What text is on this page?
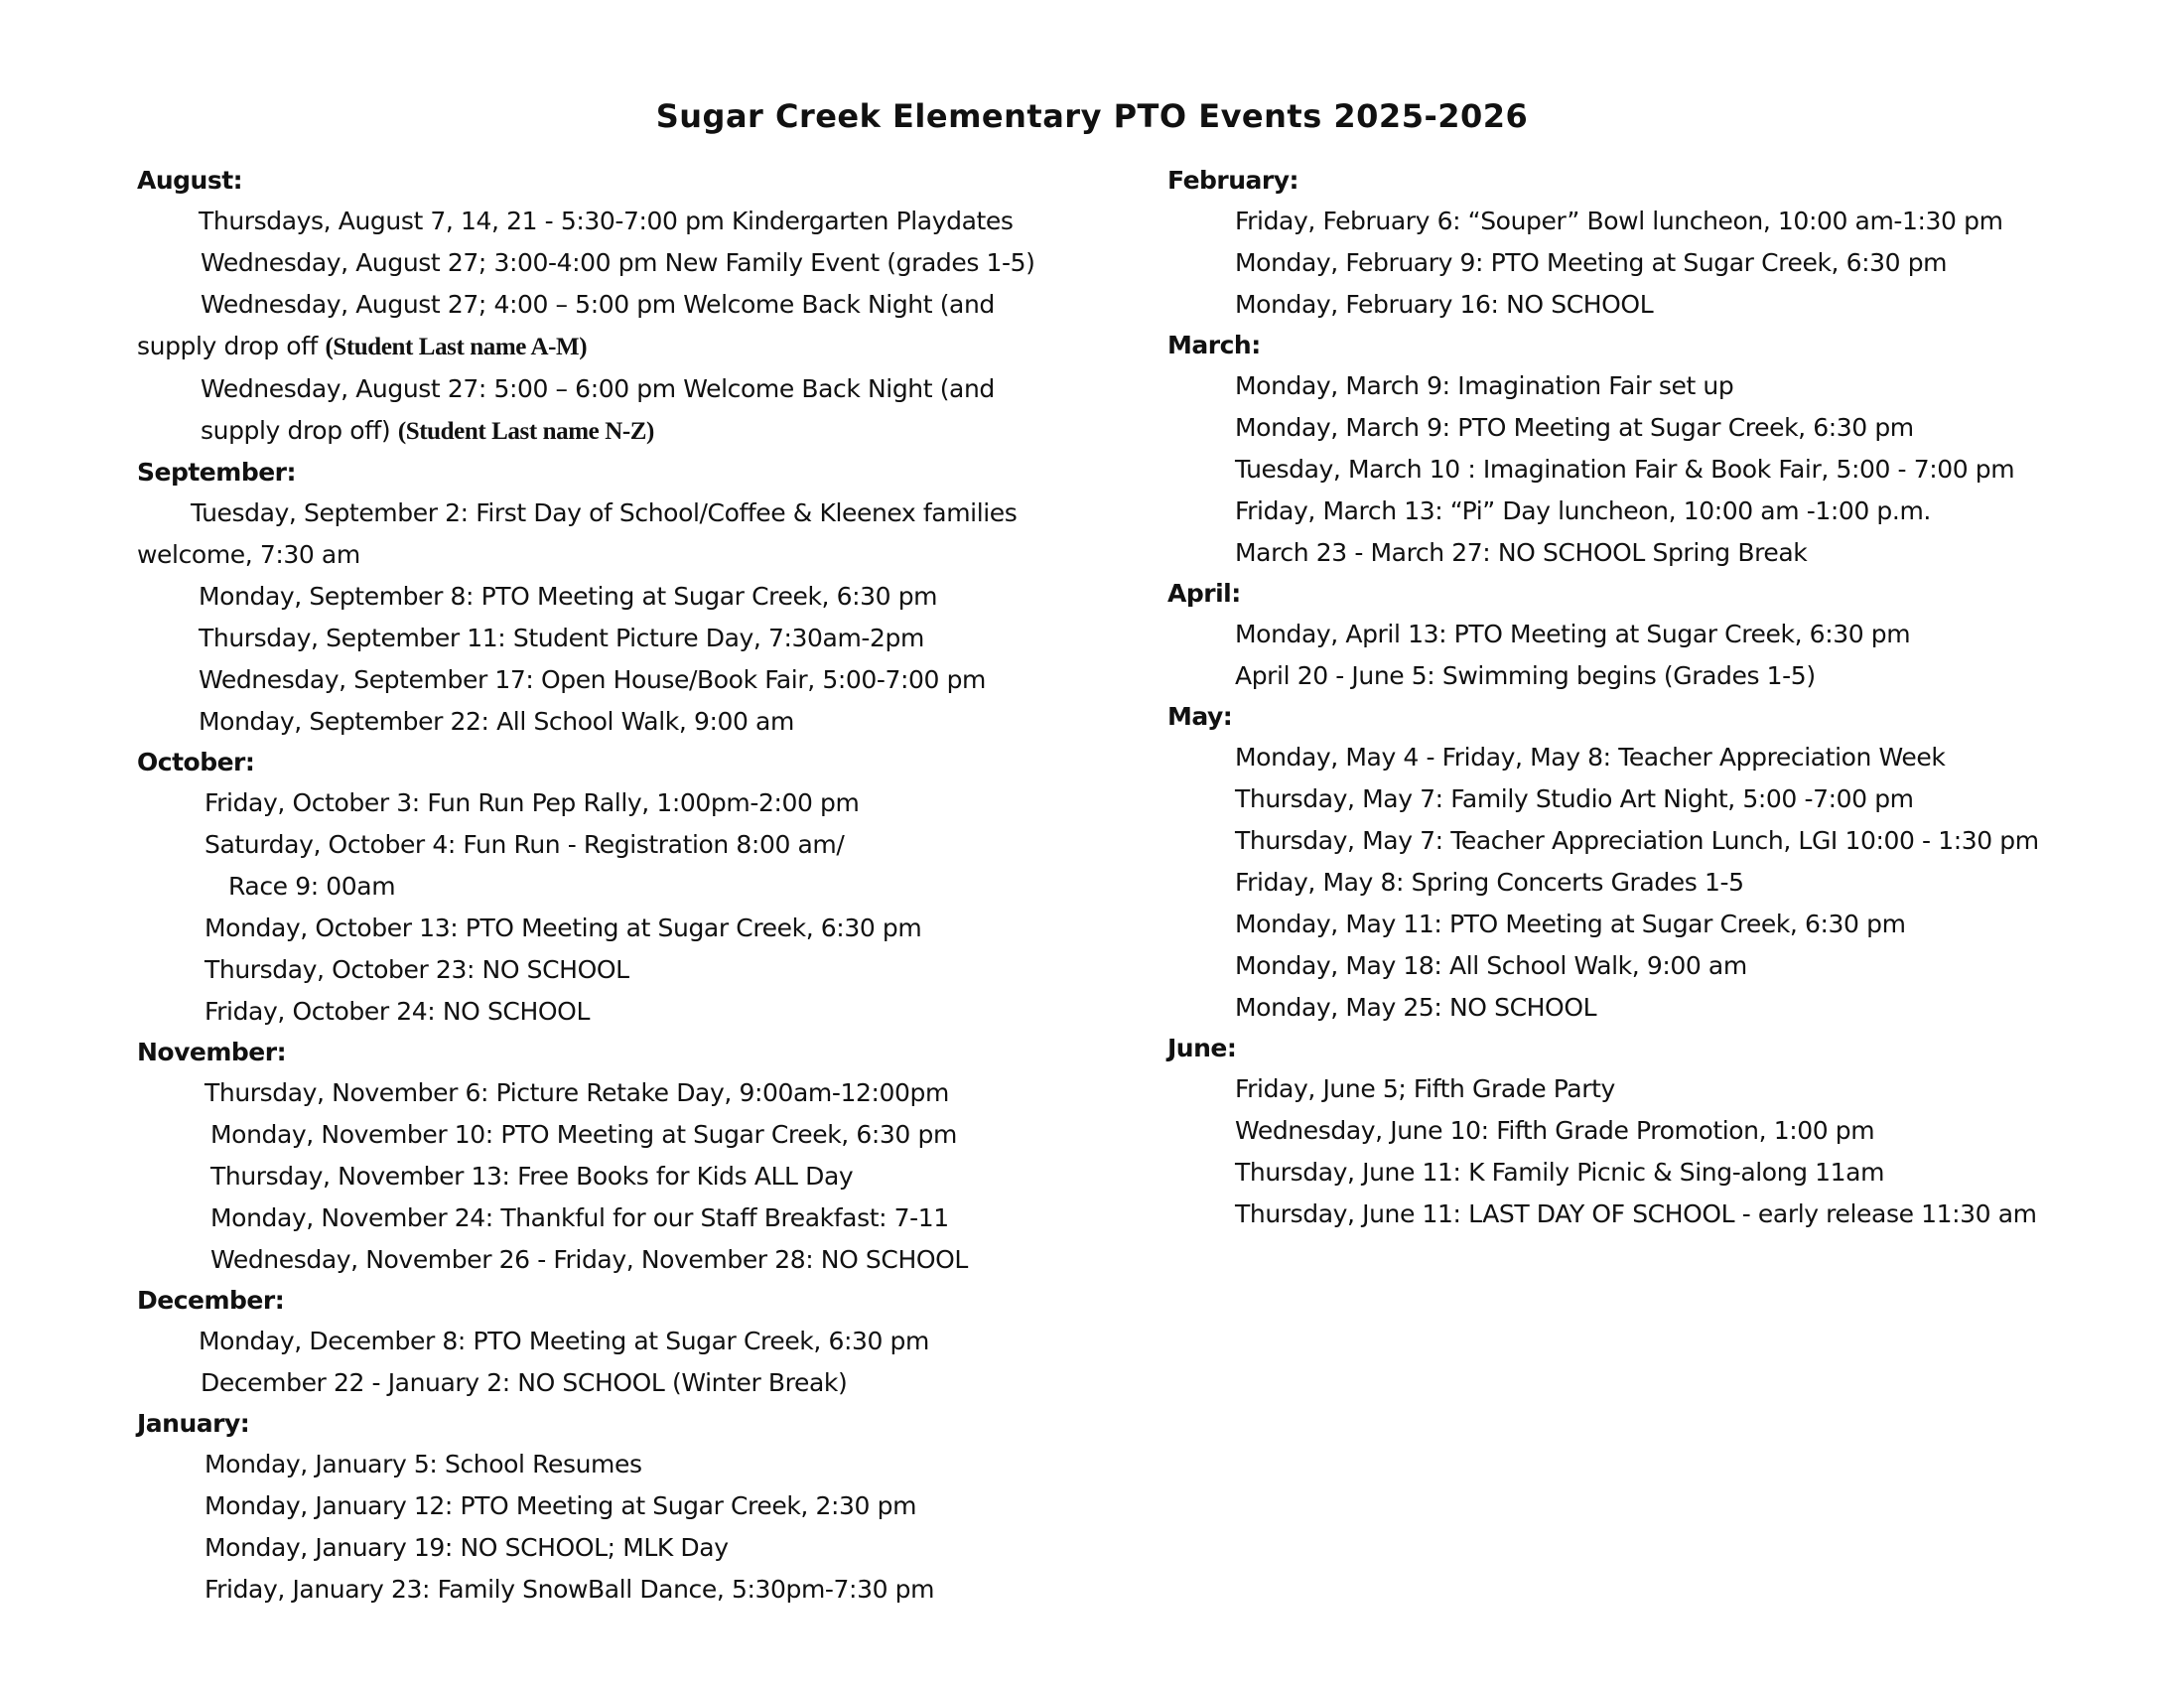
Sugar Creek Elementary PTO Events 2025-2026
August:
Thursdays, August 7, 14, 21 - 5:30-7:00 pm Kindergarten Playdates
Wednesday, August 27; 3:00-4:00 pm New Family Event (grades 1-5)
Wednesday, August 27; 4:00 – 5:00 pm Welcome Back Night (and
supply drop off (Student Last name A-M)
Wednesday, August 27: 5:00 – 6:00 pm Welcome Back Night (and
supply drop off) (Student Last name N-Z)
September:
Tuesday, September 2: First Day of School/Coffee & Kleenex families
welcome, 7:30 am
Monday, September 8: PTO Meeting at Sugar Creek, 6:30 pm
Thursday, September 11: Student Picture Day, 7:30am-2pm
Wednesday, September 17: Open House/Book Fair, 5:00-7:00 pm
Monday, September 22: All School Walk, 9:00 am
October:
Friday, October 3: Fun Run Pep Rally, 1:00pm-2:00 pm
Saturday, October 4: Fun Run - Registration 8:00 am/
Race 9: 00am
Monday, October 13: PTO Meeting at Sugar Creek, 6:30 pm
Thursday, October 23: NO SCHOOL
Friday, October 24: NO SCHOOL
November:
Thursday, November 6: Picture Retake Day, 9:00am-12:00pm
Monday, November 10: PTO Meeting at Sugar Creek, 6:30 pm
Thursday, November 13: Free Books for Kids ALL Day
Monday, November 24: Thankful for our Staff Breakfast: 7-11
Wednesday, November 26 - Friday, November 28: NO SCHOOL
December:
Monday, December 8: PTO Meeting at Sugar Creek, 6:30 pm
December 22 - January 2: NO SCHOOL (Winter Break)
January:
Monday, January 5: School Resumes
Monday, January 12: PTO Meeting at Sugar Creek, 2:30 pm
Monday, January 19: NO SCHOOL; MLK Day
Friday, January 23: Family SnowBall Dance, 5:30pm-7:30 pm
February:
Friday, February 6: “Souper” Bowl luncheon, 10:00 am-1:30 pm
Monday, February 9: PTO Meeting at Sugar Creek, 6:30 pm
Monday, February 16: NO SCHOOL
March:
Monday, March 9: Imagination Fair set up
Monday, March 9: PTO Meeting at Sugar Creek, 6:30 pm
Tuesday, March 10 : Imagination Fair & Book Fair, 5:00 - 7:00 pm
Friday, March 13: “Pi” Day luncheon, 10:00 am -1:00 p.m.
March 23 - March 27: NO SCHOOL Spring Break
April:
Monday, April 13: PTO Meeting at Sugar Creek, 6:30 pm
April 20 - June 5: Swimming begins (Grades 1-5)
May:
Monday, May 4 - Friday, May 8: Teacher Appreciation Week
Thursday, May 7: Family Studio Art Night, 5:00 -7:00 pm
Thursday, May 7: Teacher Appreciation Lunch, LGI 10:00 - 1:30 pm
Friday, May 8: Spring Concerts Grades 1-5
Monday, May 11: PTO Meeting at Sugar Creek, 6:30 pm
Monday, May 18: All School Walk, 9:00 am
Monday, May 25: NO SCHOOL
June:
Friday, June 5; Fifth Grade Party
Wednesday, June 10: Fifth Grade Promotion, 1:00 pm
Thursday, June 11: K Family Picnic & Sing-along 11am
Thursday, June 11: LAST DAY OF SCHOOL - early release 11:30 am
